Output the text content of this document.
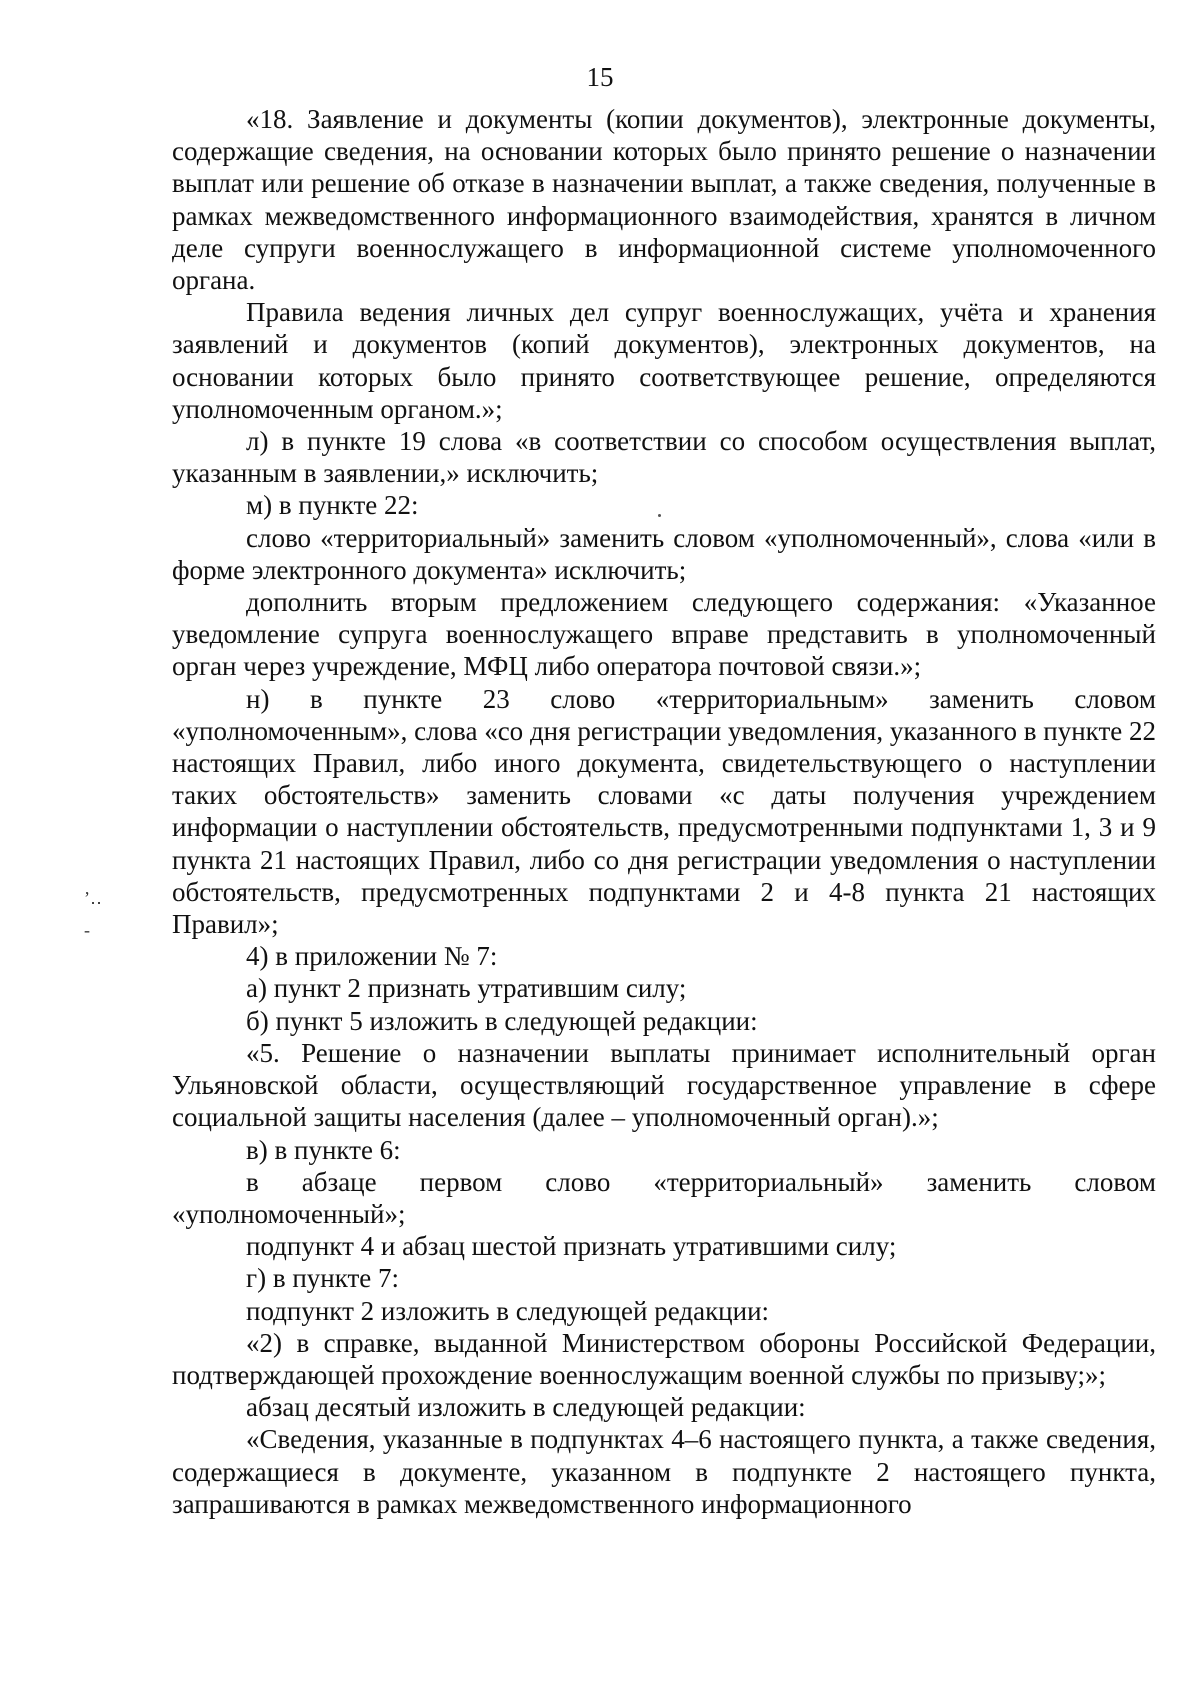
15
ʼ‥
-

«18. Заявление и документы (копии документов), электронные документы, содержащие сведения, на основании которых было принято решение о назначении выплат или решение об отказе в назначении выплат, а также сведения, полученные в рамках межведомственного информационного взаимодействия, хранятся в личном деле супруги военнослужащего в информационной системе уполномоченного органа.

Правила ведения личных дел супруг военнослужащих, учёта и хранения заявлений и документов (копий документов), электронных документов, на основании которых было принято соответствующее решение, определяются уполномоченным органом.»;

л) в пункте 19 слова «в соответствии со способом осуществления выплат, указанным в заявлении,» исключить;

м) в пункте 22:

слово «территориальный» заменить словом «уполномоченный», слова «или в форме электронного документа» исключить;

дополнить вторым предложением следующего содержания: «Указанное уведомление супруга военнослужащего вправе представить в уполномоченный орган через учреждение, МФЦ либо оператора почтовой связи.»;

н) в пункте 23 слово «территориальным» заменить словом «уполномоченным», слова «со дня регистрации уведомления, указанного в пункте 22 настоящих Правил, либо иного документа, свидетельствующего о наступлении таких обстоятельств» заменить словами «с даты получения учреждением информации о наступлении обстоятельств, предусмотренными подпунктами 1, 3 и 9 пункта 21 настоящих Правил, либо со дня регистрации уведомления о наступлении обстоятельств, предусмотренных подпунктами 2 и 4-8 пункта 21 настоящих Правил»;

4) в приложении № 7:

а) пункт 2 признать утратившим силу;

б) пункт 5 изложить в следующей редакции:

«5. Решение о назначении выплаты принимает исполнительный орган Ульяновской области, осуществляющий государственное управление в сфере социальной защиты населения (далее – уполномоченный орган).»;

в) в пункте 6:

в абзаце первом слово «территориальный» заменить словом «уполномоченный»;

подпункт 4 и абзац шестой признать утратившими силу;

г) в пункте 7:

подпункт 2 изложить в следующей редакции:

«2) в справке, выданной Министерством обороны Российской Федерации, подтверждающей прохождение военнослужащим военной службы по призыву;»;

абзац десятый изложить в следующей редакции:

«Сведения, указанные в подпунктах 4–6 настоящего пункта, а также сведения, содержащиеся в документе, указанном в подпункте 2 настоящего пункта, запрашиваются в рамках межведомственного информационного
